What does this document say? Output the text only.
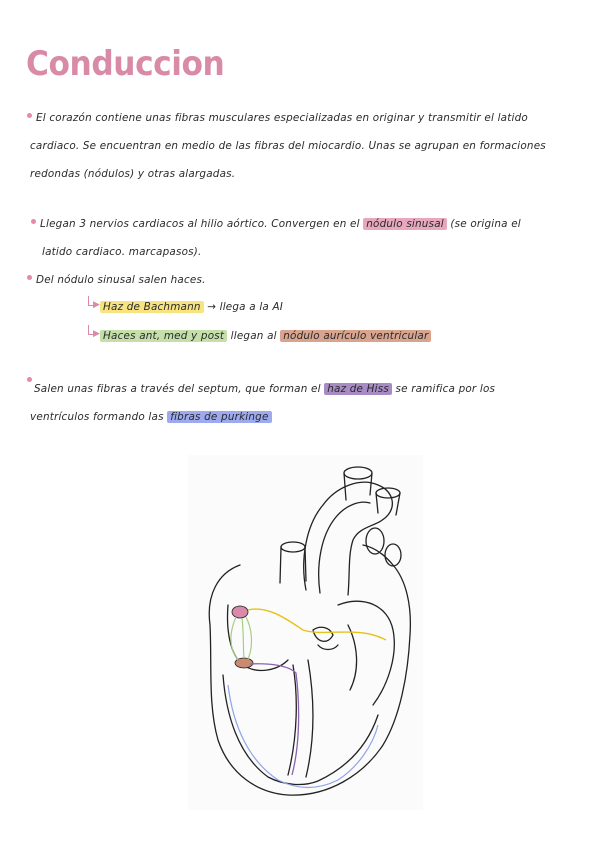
Conduccion
El corazón contiene unas fibras musculares especializadas en originar y transmitir el latido
cardiaco. Se encuentran en medio de las fibras del miocardio. Unas se agrupan en formaciones
redondas (nódulos) y otras alargadas.
Llegan 3 nervios cardiacos al hilio aórtico. Convergen en el nódulo sinusal (se origina el
latido cardiaco. marcapasos).
Del nódulo sinusal salen haces.
▶ Haz de Bachmann → llega a la AI
▶ Haces ant, med y post llegan al nódulo aurículo ventricular
Salen unas fibras a través del septum, que forman el haz de Hiss se ramifica por los
ventrículos formando las fibras de purkinge
